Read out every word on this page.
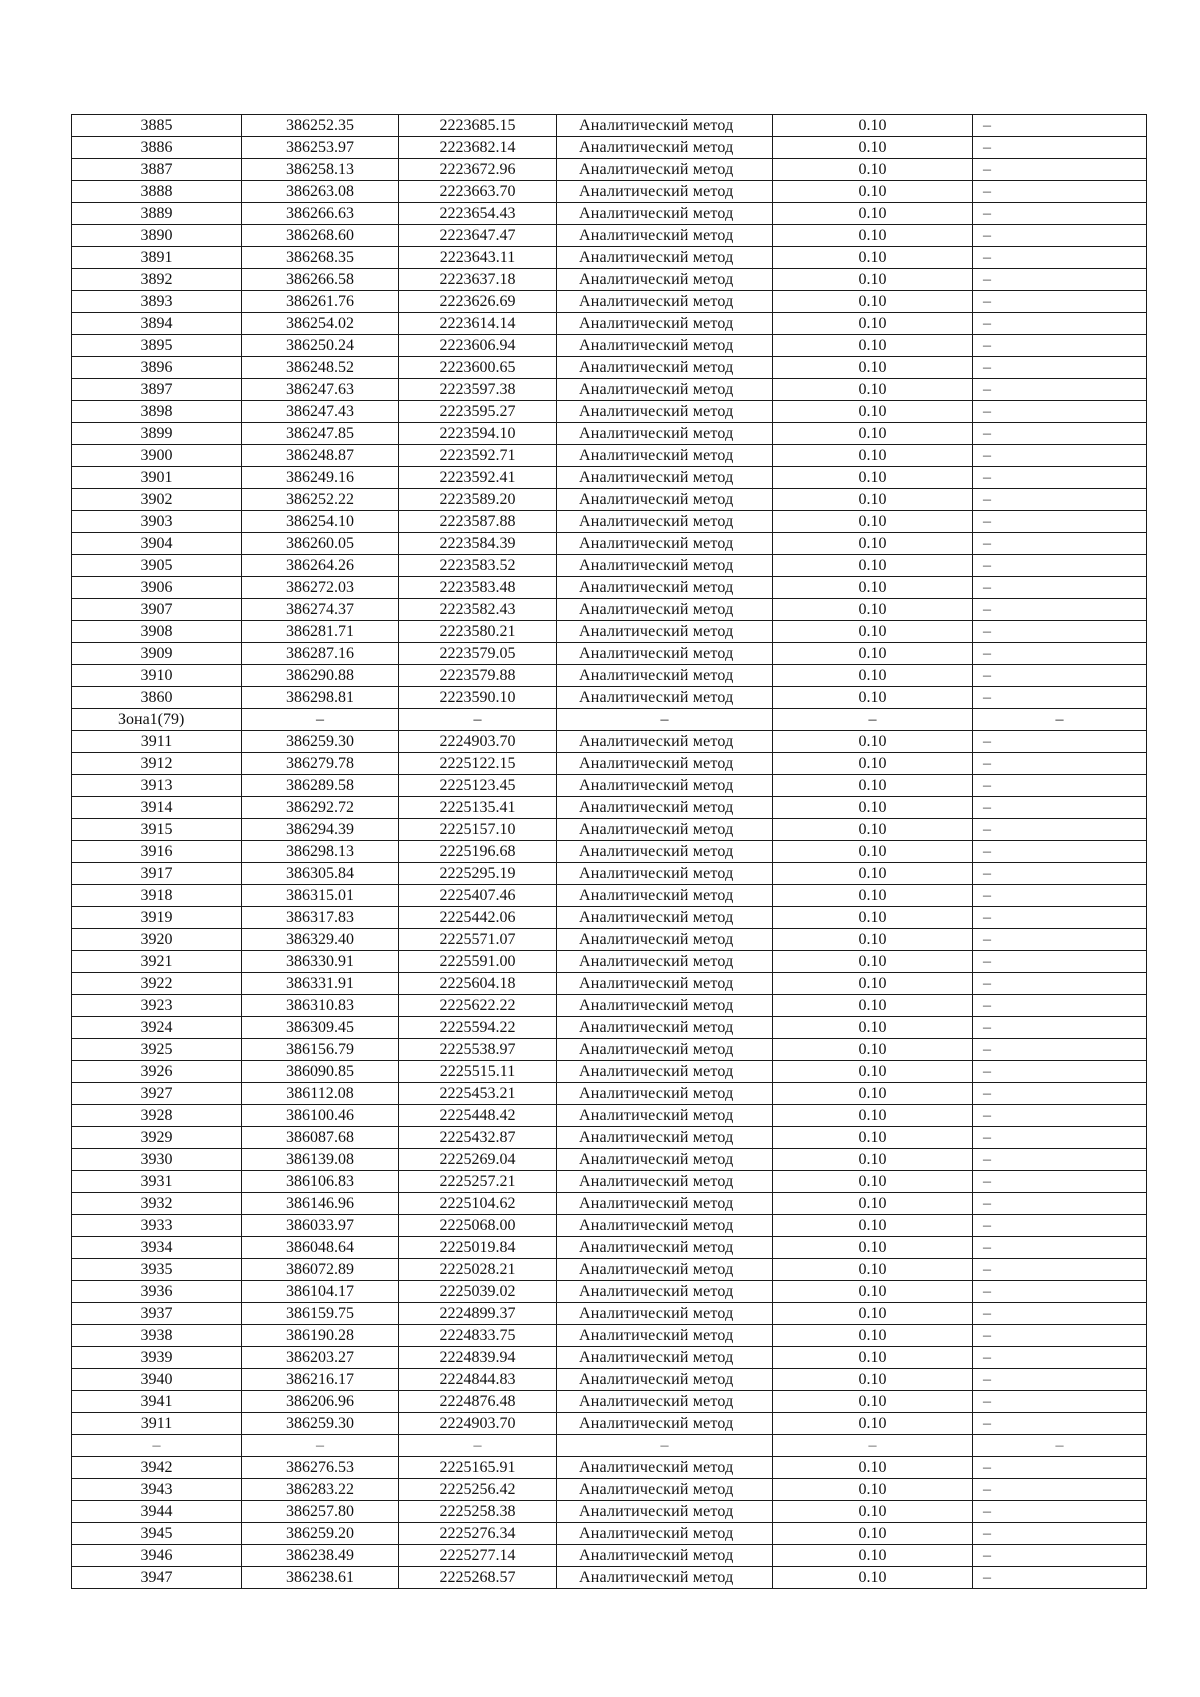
3885	386252.35	2223685.15	Аналитический метод	0.10	–
3886	386253.97	2223682.14	Аналитический метод	0.10	–
3887	386258.13	2223672.96	Аналитический метод	0.10	–
3888	386263.08	2223663.70	Аналитический метод	0.10	–
3889	386266.63	2223654.43	Аналитический метод	0.10	–
3890	386268.60	2223647.47	Аналитический метод	0.10	–
3891	386268.35	2223643.11	Аналитический метод	0.10	–
3892	386266.58	2223637.18	Аналитический метод	0.10	–
3893	386261.76	2223626.69	Аналитический метод	0.10	–
3894	386254.02	2223614.14	Аналитический метод	0.10	–
3895	386250.24	2223606.94	Аналитический метод	0.10	–
3896	386248.52	2223600.65	Аналитический метод	0.10	–
3897	386247.63	2223597.38	Аналитический метод	0.10	–
3898	386247.43	2223595.27	Аналитический метод	0.10	–
3899	386247.85	2223594.10	Аналитический метод	0.10	–
3900	386248.87	2223592.71	Аналитический метод	0.10	–
3901	386249.16	2223592.41	Аналитический метод	0.10	–
3902	386252.22	2223589.20	Аналитический метод	0.10	–
3903	386254.10	2223587.88	Аналитический метод	0.10	–
3904	386260.05	2223584.39	Аналитический метод	0.10	–
3905	386264.26	2223583.52	Аналитический метод	0.10	–
3906	386272.03	2223583.48	Аналитический метод	0.10	–
3907	386274.37	2223582.43	Аналитический метод	0.10	–
3908	386281.71	2223580.21	Аналитический метод	0.10	–
3909	386287.16	2223579.05	Аналитический метод	0.10	–
3910	386290.88	2223579.88	Аналитический метод	0.10	–
3860	386298.81	2223590.10	Аналитический метод	0.10	–
Зона1(79)	–	–	–	–	–
3911	386259.30	2224903.70	Аналитический метод	0.10	–
3912	386279.78	2225122.15	Аналитический метод	0.10	–
3913	386289.58	2225123.45	Аналитический метод	0.10	–
3914	386292.72	2225135.41	Аналитический метод	0.10	–
3915	386294.39	2225157.10	Аналитический метод	0.10	–
3916	386298.13	2225196.68	Аналитический метод	0.10	–
3917	386305.84	2225295.19	Аналитический метод	0.10	–
3918	386315.01	2225407.46	Аналитический метод	0.10	–
3919	386317.83	2225442.06	Аналитический метод	0.10	–
3920	386329.40	2225571.07	Аналитический метод	0.10	–
3921	386330.91	2225591.00	Аналитический метод	0.10	–
3922	386331.91	2225604.18	Аналитический метод	0.10	–
3923	386310.83	2225622.22	Аналитический метод	0.10	–
3924	386309.45	2225594.22	Аналитический метод	0.10	–
3925	386156.79	2225538.97	Аналитический метод	0.10	–
3926	386090.85	2225515.11	Аналитический метод	0.10	–
3927	386112.08	2225453.21	Аналитический метод	0.10	–
3928	386100.46	2225448.42	Аналитический метод	0.10	–
3929	386087.68	2225432.87	Аналитический метод	0.10	–
3930	386139.08	2225269.04	Аналитический метод	0.10	–
3931	386106.83	2225257.21	Аналитический метод	0.10	–
3932	386146.96	2225104.62	Аналитический метод	0.10	–
3933	386033.97	2225068.00	Аналитический метод	0.10	–
3934	386048.64	2225019.84	Аналитический метод	0.10	–
3935	386072.89	2225028.21	Аналитический метод	0.10	–
3936	386104.17	2225039.02	Аналитический метод	0.10	–
3937	386159.75	2224899.37	Аналитический метод	0.10	–
3938	386190.28	2224833.75	Аналитический метод	0.10	–
3939	386203.27	2224839.94	Аналитический метод	0.10	–
3940	386216.17	2224844.83	Аналитический метод	0.10	–
3941	386206.96	2224876.48	Аналитический метод	0.10	–
3911	386259.30	2224903.70	Аналитический метод	0.10	–
–	–	–	–	–	–
3942	386276.53	2225165.91	Аналитический метод	0.10	–
3943	386283.22	2225256.42	Аналитический метод	0.10	–
3944	386257.80	2225258.38	Аналитический метод	0.10	–
3945	386259.20	2225276.34	Аналитический метод	0.10	–
3946	386238.49	2225277.14	Аналитический метод	0.10	–
3947	386238.61	2225268.57	Аналитический метод	0.10	–
